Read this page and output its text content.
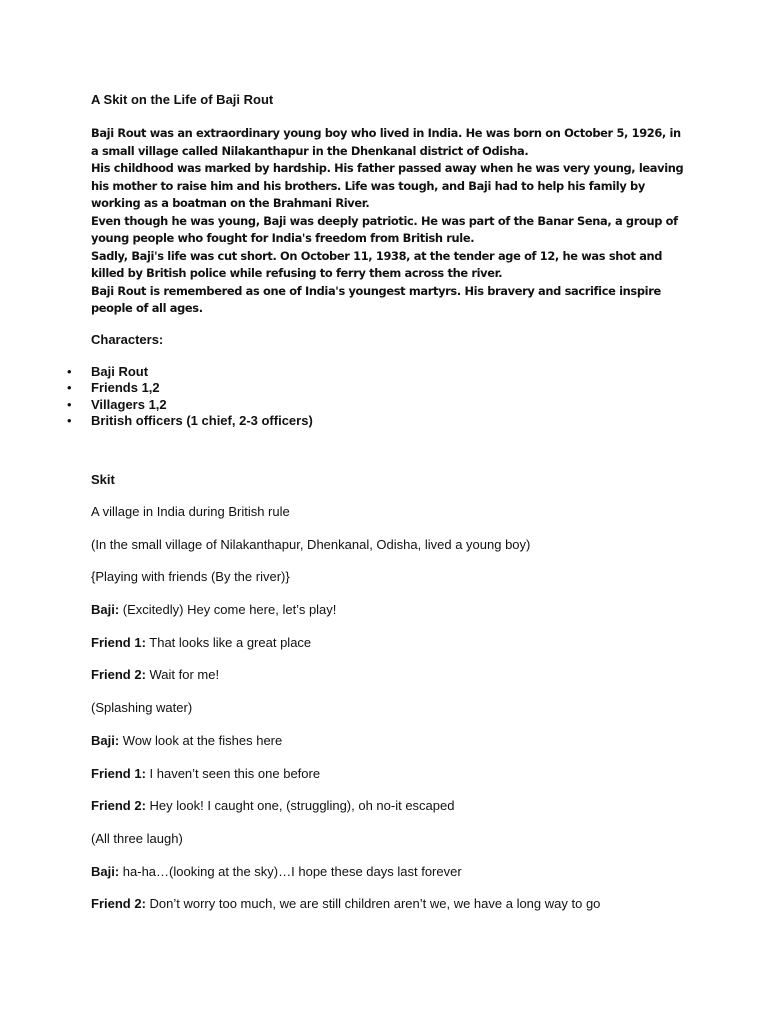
A Skit on the Life of Baji Rout

Baji Rout was an extraordinary young boy who lived in India. He was born on October 5, 1926, in a small village called Nilakanthapur in the Dhenkanal district of Odisha.

His childhood was marked by hardship. His father passed away when he was very young, leaving his mother to raise him and his brothers. Life was tough, and Baji had to help his family by working as a boatman on the Brahmani River.

Even though he was young, Baji was deeply patriotic. He was part of the Banar Sena, a group of young people who fought for India's freedom from British rule.

Sadly, Baji's life was cut short. On October 11, 1938, at the tender age of 12, he was shot and killed by British police while refusing to ferry them across the river.

Baji Rout is remembered as one of India's youngest martyrs. His bravery and sacrifice inspire people of all ages.

Characters:
• Baji Rout
• Friends 1,2
• Villagers 1,2
• British officers (1 chief, 2-3 officers)
Skit
A village in India during British rule
(In the small village of Nilakanthapur, Dhenkanal, Odisha, lived a young boy)
{Playing with friends (By the river)}
Baji: (Excitedly) Hey come here, let’s play!
Friend 1: That looks like a great place
Friend 2: Wait for me!
(Splashing water)
Baji: Wow look at the fishes here
Friend 1: I haven’t seen this one before
Friend 2: Hey look! I caught one, (struggling), oh no-it escaped
(All three laugh)
Baji: ha-ha…(looking at the sky)…I hope these days last forever
Friend 2: Don’t worry too much, we are still children aren’t we, we have a long way to go
